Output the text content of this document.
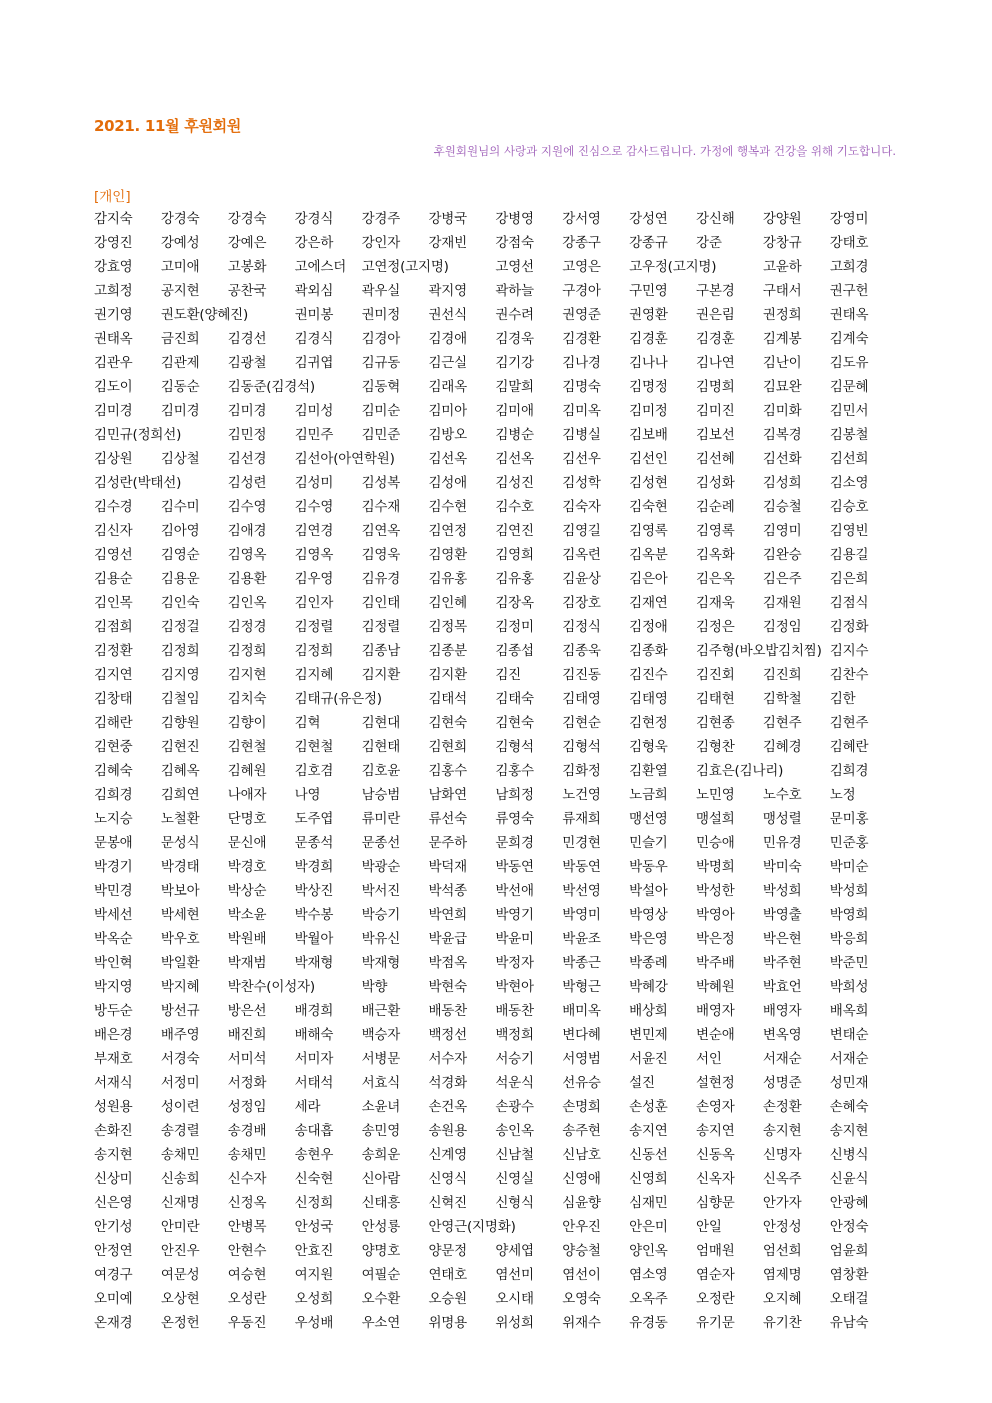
2021. 11월 후원회원
후원회원님의 사랑과 지원에 진심으로 감사드립니다. 가정에 행복과 건강을 위해 기도합니다.
[개인]
감지숙	강경숙	강경숙	강경식	강경주	강병국	강병영	강서영	강성연	강신해	강양원	강영미
강영진	강예성	강예은	강은하	강인자	강재빈	강점숙	강종구	강종규	강준	강창규	강태호
강효영	고미애	고봉화	고에스더	고연정(고지명)	고영선	고영은	고우정(고지명)	고윤하	고희경
고희정	공지현	공찬국	곽외심	곽우실	곽지영	곽하늘	구경아	구민영	구본경	구태서	권구헌
권기영	권도환(양혜진)	권미봉	권미정	권선식	권수려	권영준	권영환	권은림	권정희	권태옥
권태옥	금진희	김경선	김경식	김경아	김경애	김경욱	김경환	김경훈	김경훈	김계봉	김계숙
김관우	김관제	김광철	김귀엽	김규동	김근실	김기강	김나경	김나나	김나연	김난이	김도유
김도이	김동순	김동준(김경석)	김동혁	김래옥	김말희	김명숙	김명정	김명희	김묘완	김문혜
김미경	김미경	김미경	김미성	김미순	김미아	김미애	김미옥	김미정	김미진	김미화	김민서
김민규(정희선)	김민정	김민주	김민준	김방오	김병순	김병실	김보배	김보선	김복경	김봉철
김상원	김상철	김선경	김선아(아연학원)	김선옥	김선옥	김선우	김선인	김선혜	김선화	김선희
김성란(박태선)	김성련	김성미	김성복	김성애	김성진	김성학	김성현	김성화	김성희	김소영
김수경	김수미	김수영	김수영	김수재	김수현	김수호	김숙자	김숙현	김순례	김승철	김승호
김신자	김아영	김애경	김연경	김연옥	김연정	김연진	김영길	김영록	김영록	김영미	김영빈
김영선	김영순	김영옥	김영옥	김영욱	김영환	김영희	김옥련	김옥분	김옥화	김완승	김용길
김용순	김용운	김용환	김우영	김유경	김유홍	김유홍	김윤상	김은아	김은옥	김은주	김은희
김인목	김인숙	김인옥	김인자	김인태	김인혜	김장옥	김장호	김재연	김재욱	김재원	김점식
김점희	김정걸	김정경	김정렬	김정렬	김정목	김정미	김정식	김정애	김정은	김정임	김정화
김정환	김정희	김정희	김정희	김종남	김종분	김종섭	김종욱	김종화	김주형(바오밥김치찜) 김지수
김지연	김지영	김지현	김지혜	김지환	김지환	김진	김진동	김진수	김진회	김진희	김찬수
김창태	김철임	김치숙	김태규(유은정)	김태석	김태숙	김태영	김태영	김태현	김학철	김한
김해란	김향원	김향이	김혁	김현대	김현숙	김현숙	김현순	김현정	김현종	김현주	김현주
김현중	김현진	김현철	김현철	김현태	김현희	김형석	김형석	김형욱	김형찬	김혜경	김혜란
김혜숙	김혜옥	김혜원	김호겸	김호윤	김홍수	김홍수	김화정	김환열	김효은(김나리)	김희경
김희경	김희연	나애자	나영	남승범	남화연	남희정	노건영	노금희	노민영	노수호	노정
노지승	노철환	단명호	도주엽	류미란	류선숙	류영숙	류재희	맹선영	맹설희	맹성렬	문미홍
문봉애	문성식	문신애	문종석	문종선	문주하	문희경	민경현	민슬기	민승애	민유경	민준홍
박경기	박경태	박경호	박경희	박광순	박덕재	박동연	박동연	박동우	박명희	박미숙	박미순
박민경	박보아	박상순	박상진	박서진	박석종	박선애	박선영	박설아	박성한	박성희	박성희
박세선	박세현	박소윤	박수봉	박승기	박연희	박영기	박영미	박영상	박영아	박영출	박영희
박옥순	박우호	박원배	박월아	박유신	박윤급	박윤미	박윤조	박은영	박은정	박은현	박응희
박인혁	박일환	박재범	박재형	박재형	박점옥	박정자	박종근	박종례	박주배	박주현	박준민
박지영	박지혜	박찬수(이성자)	박향	박현숙	박현아	박형근	박혜강	박혜원	박효언	박희성
방두순	방선규	방은선	배경희	배근환	배동찬	배동찬	배미옥	배상희	배영자	배영자	배옥희
배은경	배주영	배진희	배해숙	백승자	백정선	백정희	변다혜	변민제	변순애	변옥영	변태순
부재호	서경숙	서미석	서미자	서병문	서수자	서승기	서영범	서윤진	서인	서재순	서재순
서재식	서정미	서정화	서태석	서효식	석경화	석운식	선유승	설진	설현정	성명준	성민재
성원용	성이련	성정임	세라	소윤녀	손건옥	손광수	손명희	손성훈	손영자	손정환	손혜숙
손화진	송경렬	송경배	송대흡	송민영	송원용	송인옥	송주현	송지연	송지연	송지현	송지현
송지현	송채민	송채민	송현우	송희운	신계영	신남철	신남호	신동선	신동옥	신명자	신병식
신상미	신송희	신수자	신숙현	신아람	신영식	신영실	신영애	신영희	신옥자	신옥주	신윤식
신은영	신재명	신정옥	신정희	신태흥	신혁진	신형식	심윤향	심재민	심향문	안가자	안광혜
안기성	안미란	안병목	안성국	안성룡	안영근(지명화)	안우진	안은미	안일	안정성	안정숙
안정연	안진우	안현수	안효진	양명호	양문정	양세엽	양승철	양인옥	엄매원	엄선희	엄윤희
여경구	여문성	여승현	여지원	여필순	연태호	염선미	염선이	염소영	염순자	염제명	염창환
오미예	오상현	오성란	오성희	오수환	오승원	오시태	오영숙	오옥주	오정란	오지혜	오태걸
온재경	온정헌	우동진	우성배	우소연	위명용	위성희	위재수	유경동	유기문	유기찬	유남숙
